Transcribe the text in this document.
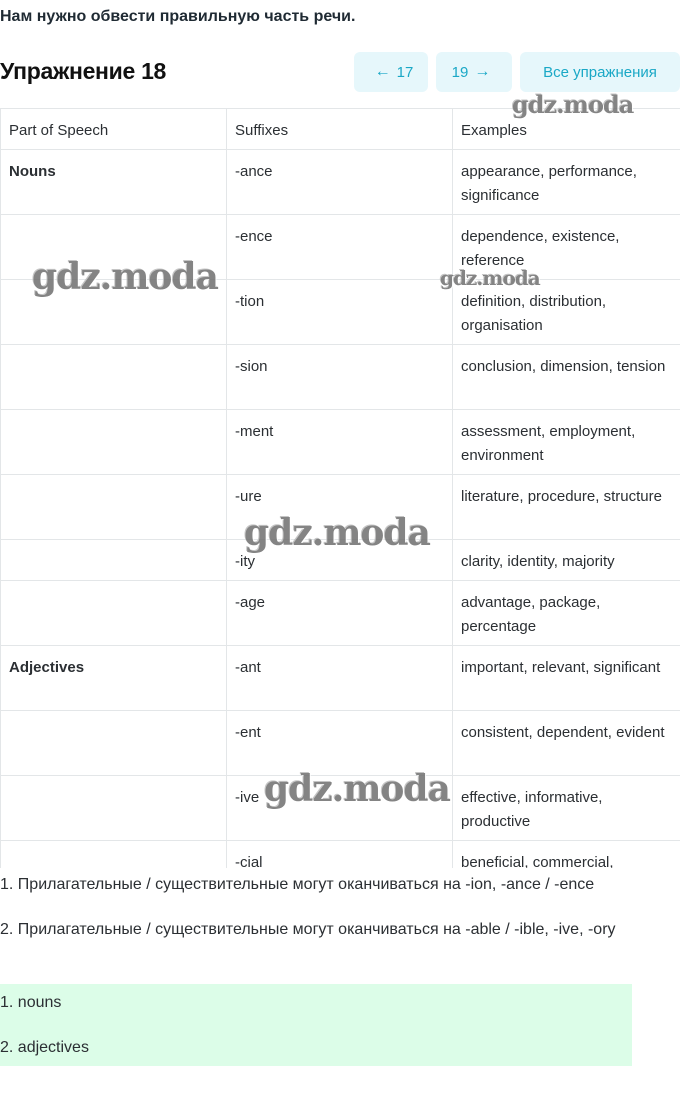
Нам нужно обвести правильную часть речи.
Упражнение 18	← 17	19 →	Все упражнения
Part of Speech	Suffixes	Examples
Nouns	-ance	appearance, performance, significance
	-ence	dependence, existence, reference
	-tion	definition, distribution, organisation
	-sion	conclusion, dimension, tension
	-ment	assessment, employment, environment
	-ure	literature, procedure, structure
	-ity	clarity, identity, majority
	-age	advantage, package, percentage
Adjectives	-ant	important, relevant, significant
	-ent	consistent, dependent, evident
	-ive	effective, informative, productive
	-cial	beneficial, commercial,
gdz.moda
gdz.moda	gdz.moda
gdz.moda
gdz.moda
1. Прилагательные / существительные могут оканчиваться на -ion, -ance / -ence
2. Прилагательные / существительные могут оканчиваться на -able / -ible, -ive, -ory
1. nouns
2. adjectives
